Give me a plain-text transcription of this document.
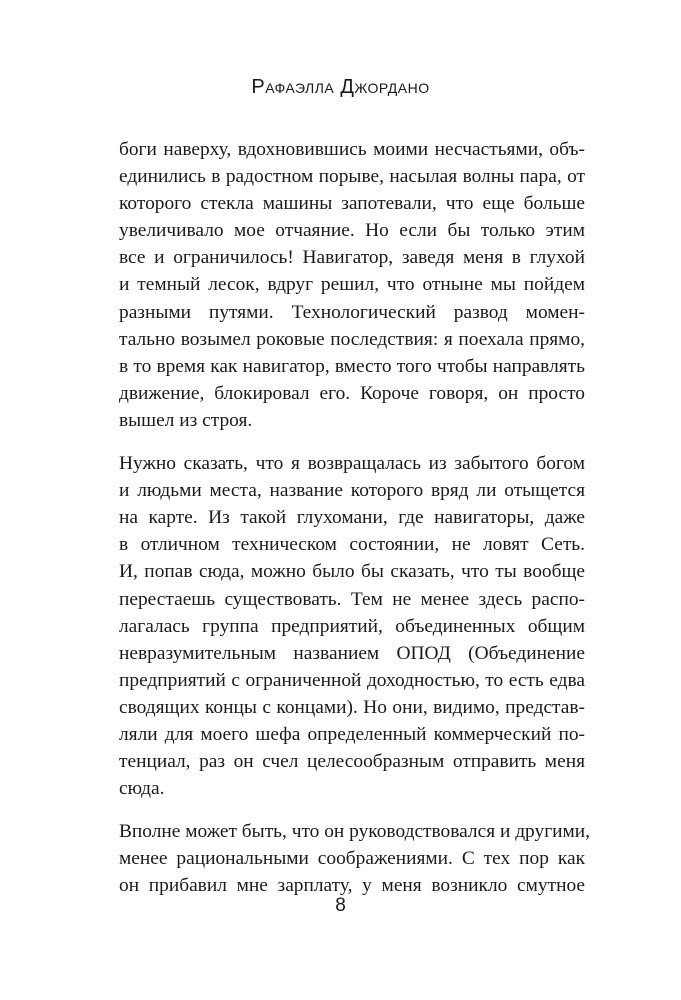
Рафаэлла Джордано
боги наверху, вдохновившись моими несчастьями, объ-
единились в радостном порыве, насылая волны пара, от
которого стекла машины запотевали, что еще больше
увеличивало мое отчаяние. Но если бы только этим
все и ограничилось! Навигатор, заведя меня в глухой
и темный лесок, вдруг решил, что отныне мы пойдем
разными путями. Технологический развод момен-
тально возымел роковые последствия: я поехала прямо,
в то время как навигатор, вместо того чтобы направлять
движение, блокировал его. Короче говоря, он просто
вышел из строя.
Нужно сказать, что я возвращалась из забытого богом
и людьми места, название которого вряд ли отыщется
на карте. Из такой глухомани, где навигаторы, даже
в отличном техническом состоянии, не ловят Сеть.
И, попав сюда, можно было бы сказать, что ты вообще
перестаешь существовать. Тем не менее здесь распо-
лагалась группа предприятий, объединенных общим
невразумительным названием ОПОД (Объединение
предприятий с ограниченной доходностью, то есть едва
сводящих концы с концами). Но они, видимо, представ-
ляли для моего шефа определенный коммерческий по-
тенциал, раз он счел целесообразным отправить меня
сюда.
Вполне может быть, что он руководствовался и другими,
менее рациональными соображениями. С тех пор как
он прибавил мне зарплату, у меня возникло смутное
8
